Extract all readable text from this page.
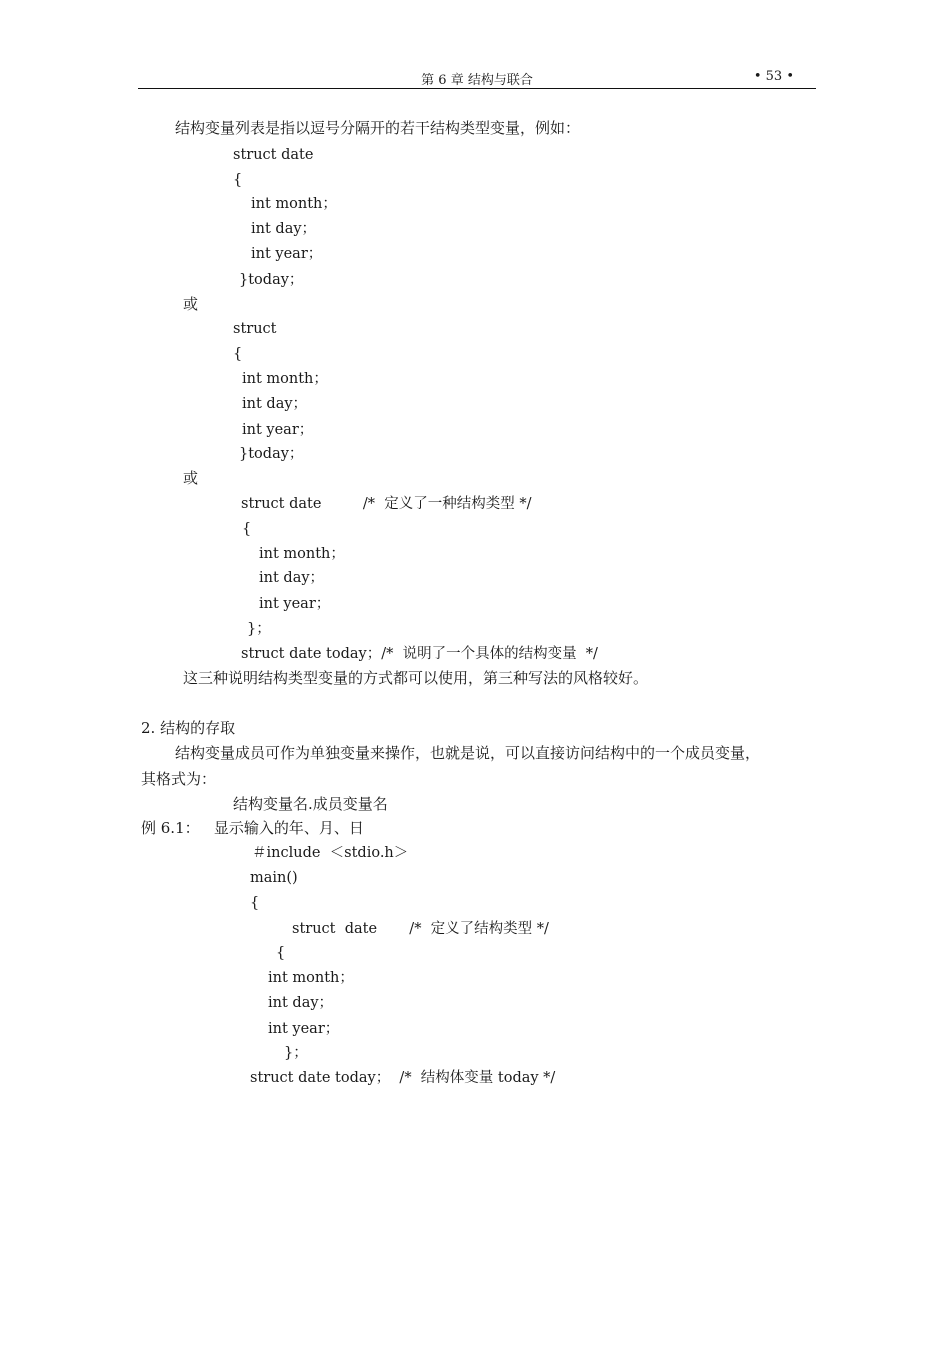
第 6 章 结构与联合	• 53 •
结构变量列表是指以逗号分隔开的若干结构类型变量，例如：
struct date
{
int month；
int day；
int year；
}today；
或
struct
{
int month；
int day；
int year；
}today；
或
struct date         /*  定义了一种结构类型 */
{
int month；
int day；
int year；
}；
struct date today；/*  说明了一个具体的结构变量  */
这三种说明结构类型变量的方式都可以使用，第三种写法的风格较好。
2. 结构的存取
结构变量成员可作为单独变量来操作，也就是说，可以直接访问结构中的一个成员变量，
其格式为：
结构变量名.成员变量名
例 6.1：   显示输入的年、月、日
＃include  ＜stdio.h＞
main()
{
struct  date       /*  定义了结构类型 */
{
int month；
int day；
int year；
}；
struct date today；  /*  结构体变量 today */
